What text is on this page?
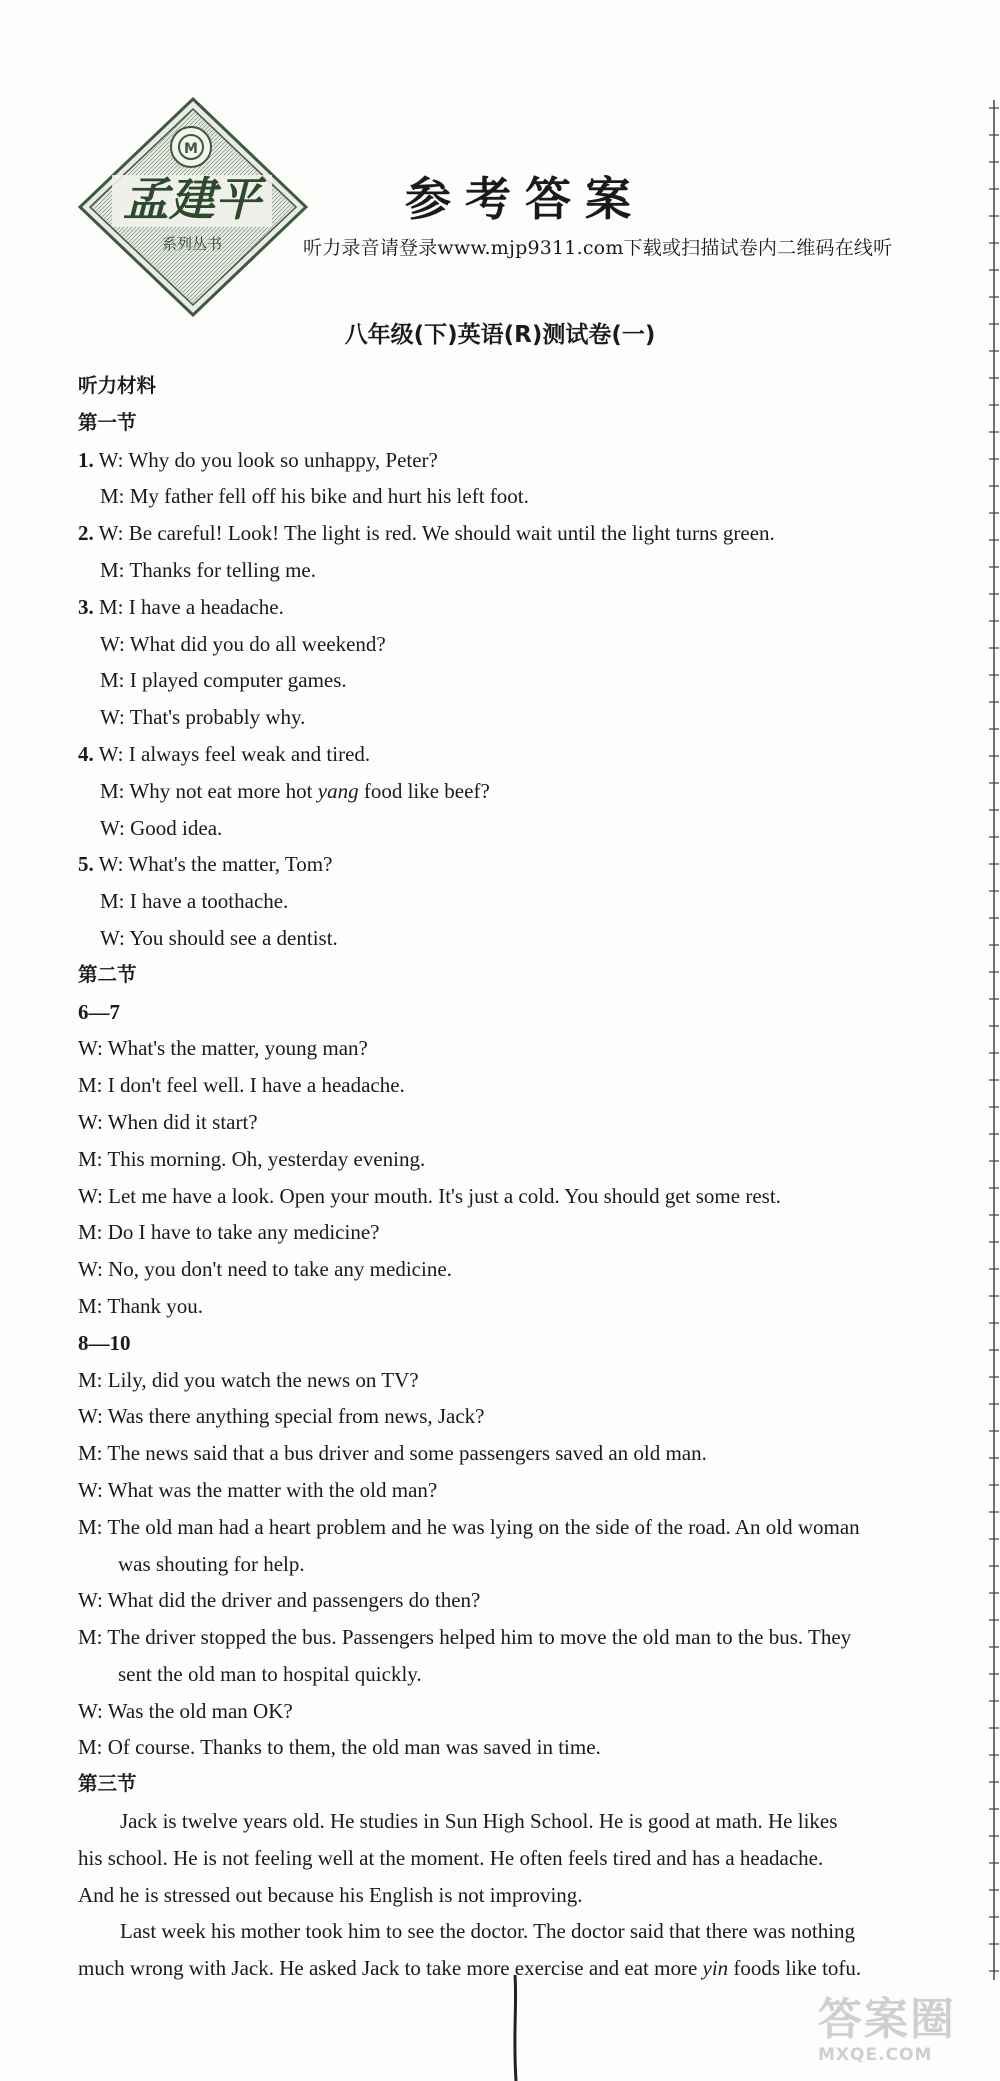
M
孟建平
系列丛书
参考答案
听力录音请登录www.mjp9311.com下载或扫描试卷内二维码在线听
八年级(下)英语(R)测试卷(一)
听力材料
第一节
1. W: Why do you look so unhappy, Peter?
M: My father fell off his bike and hurt his left foot.
2. W: Be careful! Look! The light is red. We should wait until the light turns green.
M: Thanks for telling me.
3. M: I have a headache.
W: What did you do all weekend?
M: I played computer games.
W: That's probably why.
4. W: I always feel weak and tired.
M: Why not eat more hot yang food like beef?
W: Good idea.
5. W: What's the matter, Tom?
M: I have a toothache.
W: You should see a dentist.
第二节
6—7
W: What's the matter, young man?
M: I don't feel well. I have a headache.
W: When did it start?
M: This morning. Oh, yesterday evening.
W: Let me have a look. Open your mouth. It's just a cold. You should get some rest.
M: Do I have to take any medicine?
W: No, you don't need to take any medicine.
M: Thank you.
8—10
M: Lily, did you watch the news on TV?
W: Was there anything special from news, Jack?
M: The news said that a bus driver and some passengers saved an old man.
W: What was the matter with the old man?
M: The old man had a heart problem and he was lying on the side of the road. An old woman
was shouting for help.
W: What did the driver and passengers do then?
M: The driver stopped the bus. Passengers helped him to move the old man to the bus. They
sent the old man to hospital quickly.
W: Was the old man OK?
M: Of course. Thanks to them, the old man was saved in time.
第三节
Jack is twelve years old. He studies in Sun High School. He is good at math. He likes
his school. He is not feeling well at the moment. He often feels tired and has a headache.
And he is stressed out because his English is not improving.
Last week his mother took him to see the doctor. The doctor said that there was nothing
much wrong with Jack. He asked Jack to take more exercise and eat more yin foods like tofu.
答案圈
MXQE.COM
